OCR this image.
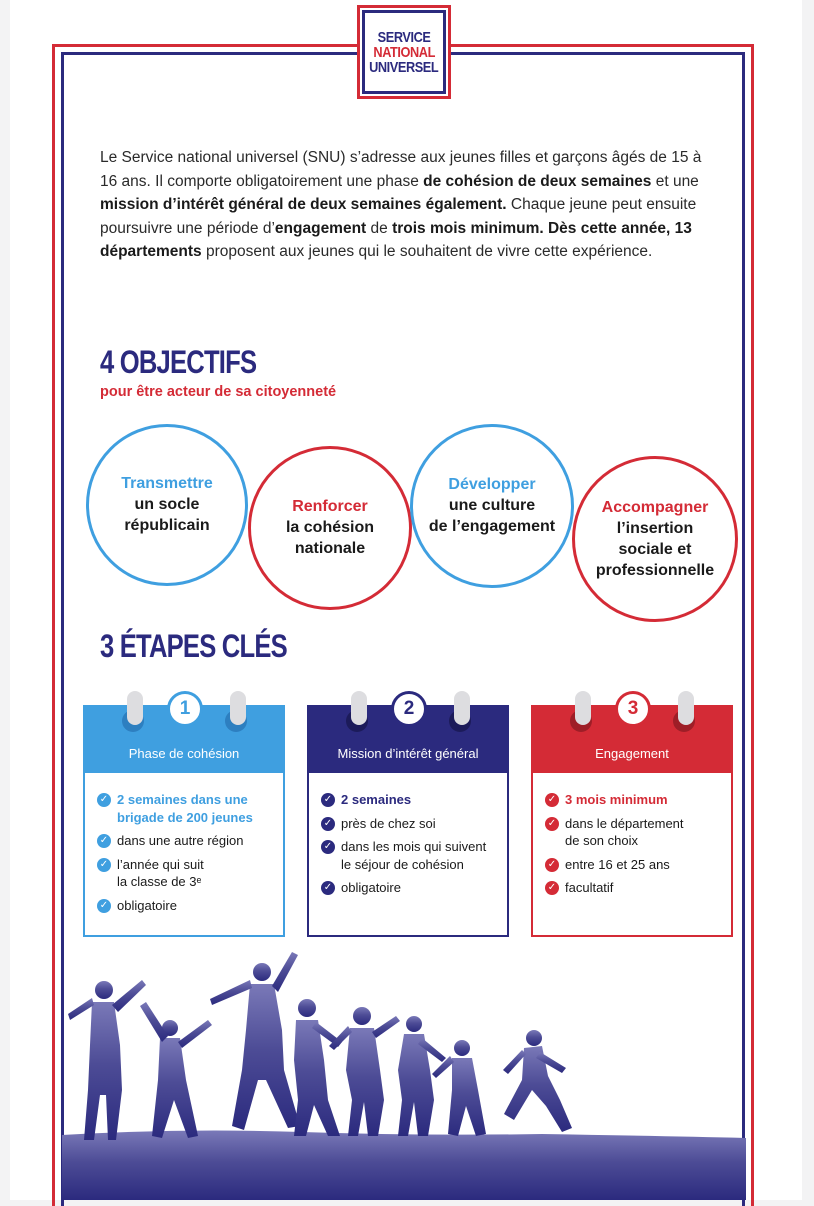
SERVICE
NATIONAL
UNIVERSEL

Le Service national universel (SNU) s’adresse aux jeunes filles et garçons âgés de 15 à 16 ans. Il comporte obligatoirement une phase de cohésion de deux semaines et une mission d’intérêt général de deux semaines également. Chaque jeune peut ensuite poursuivre une période d’engagement de trois mois minimum. Dès cette année, 13 départements proposent aux jeunes qui le souhaitent de vivre cette expérience.

4 OBJECTIFS

pour être acteur de sa citoyenneté

Transmettre
un socle
républicain
Renforcer
la cohésion
nationale
Développer
une culture
de l’engagement
Accompagner
l’insertion
sociale et
professionnelle
3 ÉTAPES CLÉS
Phase de cohésion
1
✓ 2 semaines dans une
brigade de 200 jeunes
✓ dans une autre région
✓ l’année qui suit
la classe de 3ᵉ
✓ obligatoire
Mission d’intérêt général
2
✓ 2 semaines
✓ près de chez soi
✓ dans les mois qui suivent
le séjour de cohésion
✓ obligatoire
Engagement
3
✓ 3 mois minimum
✓ dans le département
de son choix
✓ entre 16 et 25 ans
✓ facultatif
